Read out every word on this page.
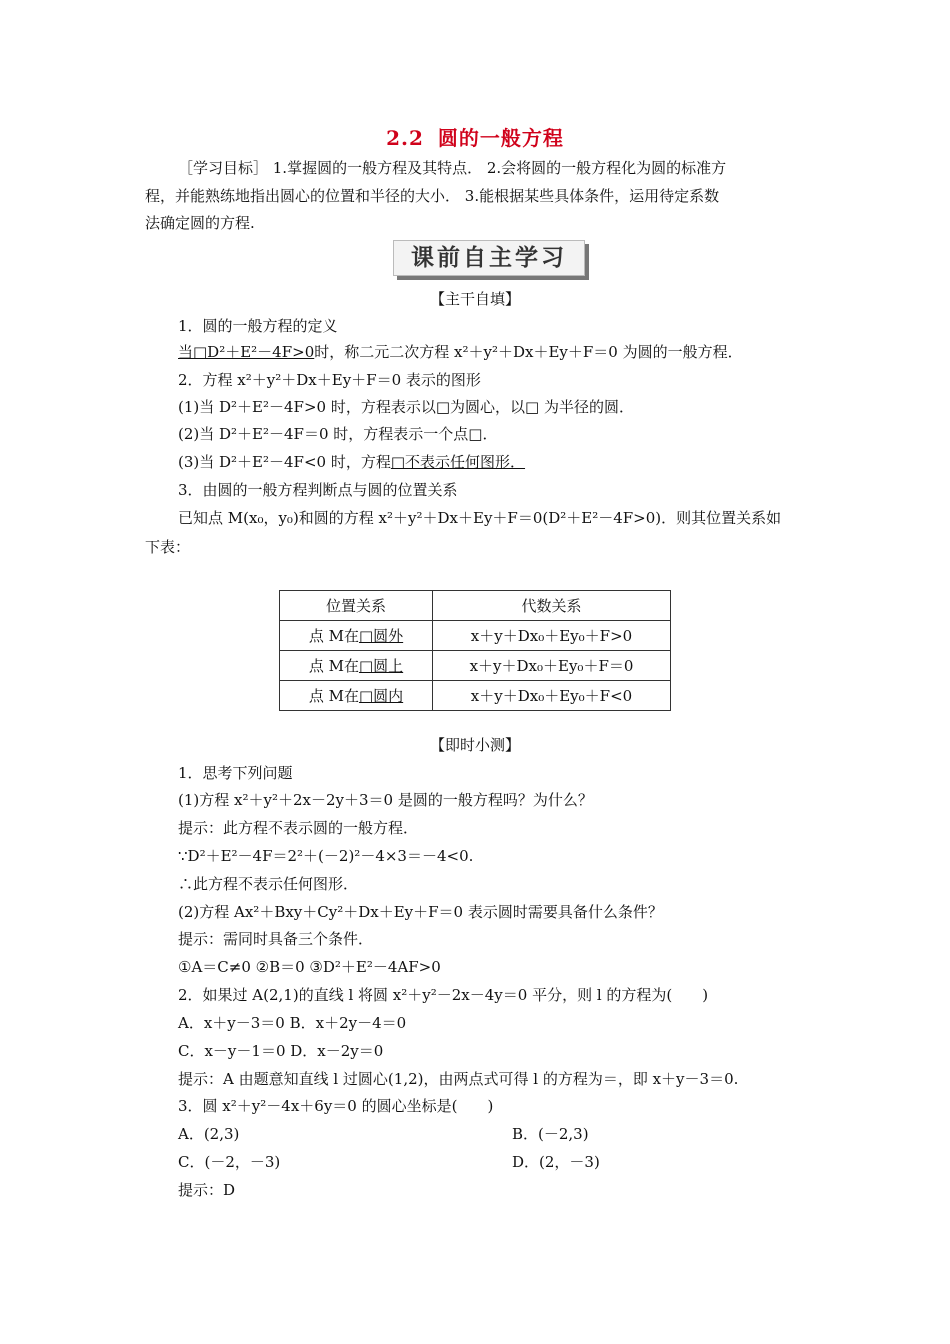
2.2 圆的一般方程
［学习目标］ 1.掌握圆的一般方程及其特点． 2.会将圆的一般方程化为圆的标准方
程，并能熟练地指出圆心的位置和半径的大小． 3.能根据某些具体条件，运用待定系数
法确定圆的方程.
课前自主学习
【主干自填】
1．圆的一般方程的定义
当□D²＋E²－4F>0时，称二元二次方程 x²＋y²＋Dx＋Ey＋F＝0 为圆的一般方程．
2．方程 x²＋y²＋Dx＋Ey＋F＝0 表示的图形
(1)当 D²＋E²－4F>0 时，方程表示以□为圆心，以□ 为半径的圆．
(2)当 D²＋E²－4F＝0 时，方程表示一个点□．
(3)当 D²＋E²－4F<0 时，方程□不表示任何图形．
3．由圆的一般方程判断点与圆的位置关系
已知点 M(x₀，y₀)和圆的方程 x²＋y²＋Dx＋Ey＋F＝0(D²＋E²－4F>0)．则其位置关系如
下表：
位置关系	代数关系
点 M在□圆外	x＋y＋Dx₀＋Ey₀＋F>0
点 M在□圆上	x＋y＋Dx₀＋Ey₀＋F＝0
点 M在□圆内	x＋y＋Dx₀＋Ey₀＋F<0
【即时小测】
1．思考下列问题
(1)方程 x²＋y²＋2x－2y＋3＝0 是圆的一般方程吗？为什么？
提示：此方程不表示圆的一般方程．
∵D²＋E²－4F＝2²＋(－2)²－4×3＝－4<0.
∴此方程不表示任何图形．
(2)方程 Ax²＋Bxy＋Cy²＋Dx＋Ey＋F＝0 表示圆时需要具备什么条件？
提示：需同时具备三个条件．
①A＝C≠0 ②B＝0 ③D²＋E²－4AF>0
2．如果过 A(2,1)的直线 l 将圆 x²＋y²－2x－4y＝0 平分，则 l 的方程为(　　)
A．x＋y－3＝0 B．x＋2y－4＝0
C．x－y－1＝0 D．x－2y＝0
提示：A 由题意知直线 l 过圆心(1,2)，由两点式可得 l 的方程为＝，即 x＋y－3＝0.
3．圆 x²＋y²－4x＋6y＝0 的圆心坐标是(　　)
A．(2,3)	B．(－2,3)
C．(－2，－3)	D．(2，－3)
提示：D
